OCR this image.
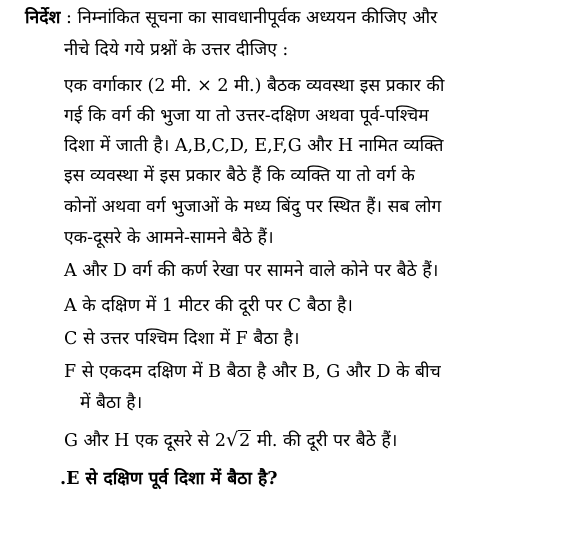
निर्देश : निम्नांकित सूचना का सावधानीपूर्वक अध्ययन कीजिए और
नीचे दिये गये प्रश्नों के उत्तर दीजिए :
एक वर्गाकार (2 मी. × 2 मी.) बैठक व्यवस्था इस प्रकार की
गई कि वर्ग की भुजा या तो उत्तर-दक्षिण अथवा पूर्व-पश्चिम
दिशा में जाती है। A,B,C,D, E,F,G और H नामित व्यक्ति
इस व्यवस्था में इस प्रकार बैठे हैं कि व्यक्ति या तो वर्ग के
कोनों अथवा वर्ग भुजाओं के मध्य बिंदु पर स्थित हैं। सब लोग
एक-दूसरे के आमने-सामने बैठे हैं।
A और D वर्ग की कर्ण रेखा पर सामने वाले कोने पर बैठे हैं।
A के दक्षिण में 1 मीटर की दूरी पर C बैठा है।
C से उत्तर पश्चिम दिशा में F बैठा है।
F से एकदम दक्षिण में B बैठा है और B, G और D के बीच
में बैठा है।
G और H एक दूसरे से 2√2 मी. की दूरी पर बैठे हैं।
.E से दक्षिण पूर्व दिशा में बैठा है?
